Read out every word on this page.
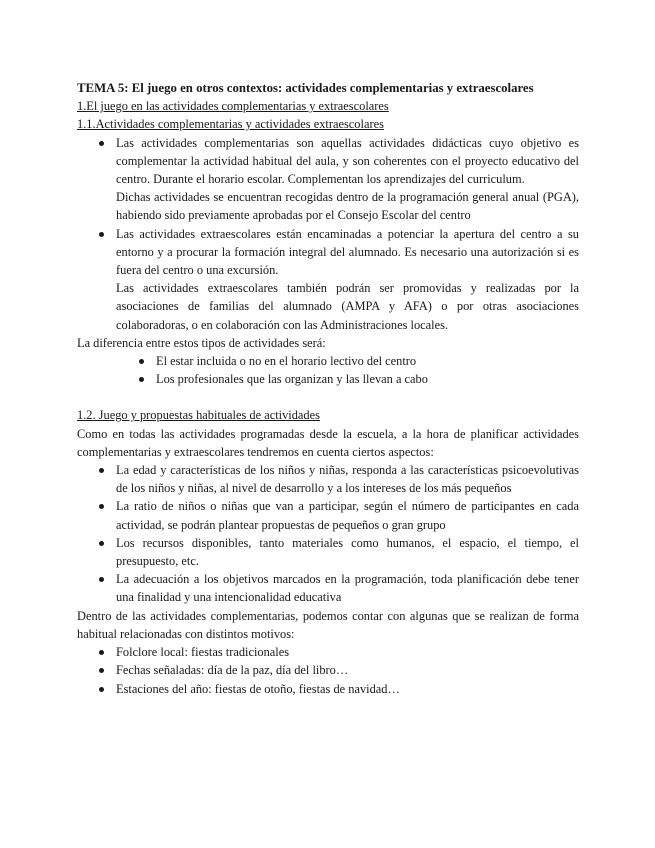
TEMA 5: El juego en otros contextos: actividades complementarias y extraescolares

1.El juego en las actividades complementarias y extraescolares

1.1.Actividades complementarias y actividades extraescolares

Las actividades complementarias son aquellas actividades didácticas cuyo objetivo es complementar la actividad habitual del aula, y son coherentes con el proyecto educativo del centro. Durante el horario escolar. Complementan los aprendizajes del curriculum.
Dichas actividades se encuentran recogidas dentro de la programación general anual (PGA), habiendo sido previamente aprobadas por el Consejo Escolar del centro
Las actividades extraescolares están encaminadas a potenciar la apertura del centro a su entorno y a procurar la formación integral del alumnado. Es necesario una autorización si es fuera del centro o una excursión.
Las actividades extraescolares también podrán ser promovidas y realizadas por la asociaciones de familias del alumnado (AMPA y AFA) o por otras asociaciones colaboradoras, o en colaboración con las Administraciones locales.

La diferencia entre estos tipos de actividades será:

El estar incluida o no en el horario lectivo del centro
Los profesionales que las organizan y las llevan a cabo

1.2. Juego y propuestas habituales de actividades

Como en todas las actividades programadas desde la escuela, a la hora de planificar actividades complementarias y extraescolares tendremos en cuenta ciertos aspectos:

La edad y características de los niños y niñas, responda a las características psicoevolutivas de los niños y niñas, al nivel de desarrollo y a los intereses de los más pequeños
La ratio de niños o niñas que van a participar, según el número de participantes en cada actividad, se podrán plantear propuestas de pequeños o gran grupo
Los recursos disponibles, tanto materiales como humanos, el espacio, el tiempo, el presupuesto, etc.
La adecuación a los objetivos marcados en la programación, toda planificación debe tener una finalidad y una intencionalidad educativa

Dentro de las actividades complementarias, podemos contar con algunas que se realizan de forma habitual relacionadas con distintos motivos:

Folclore local: fiestas tradicionales
Fechas señaladas: día de la paz, día del libro…
Estaciones del año: fiestas de otoño, fiestas de navidad…
